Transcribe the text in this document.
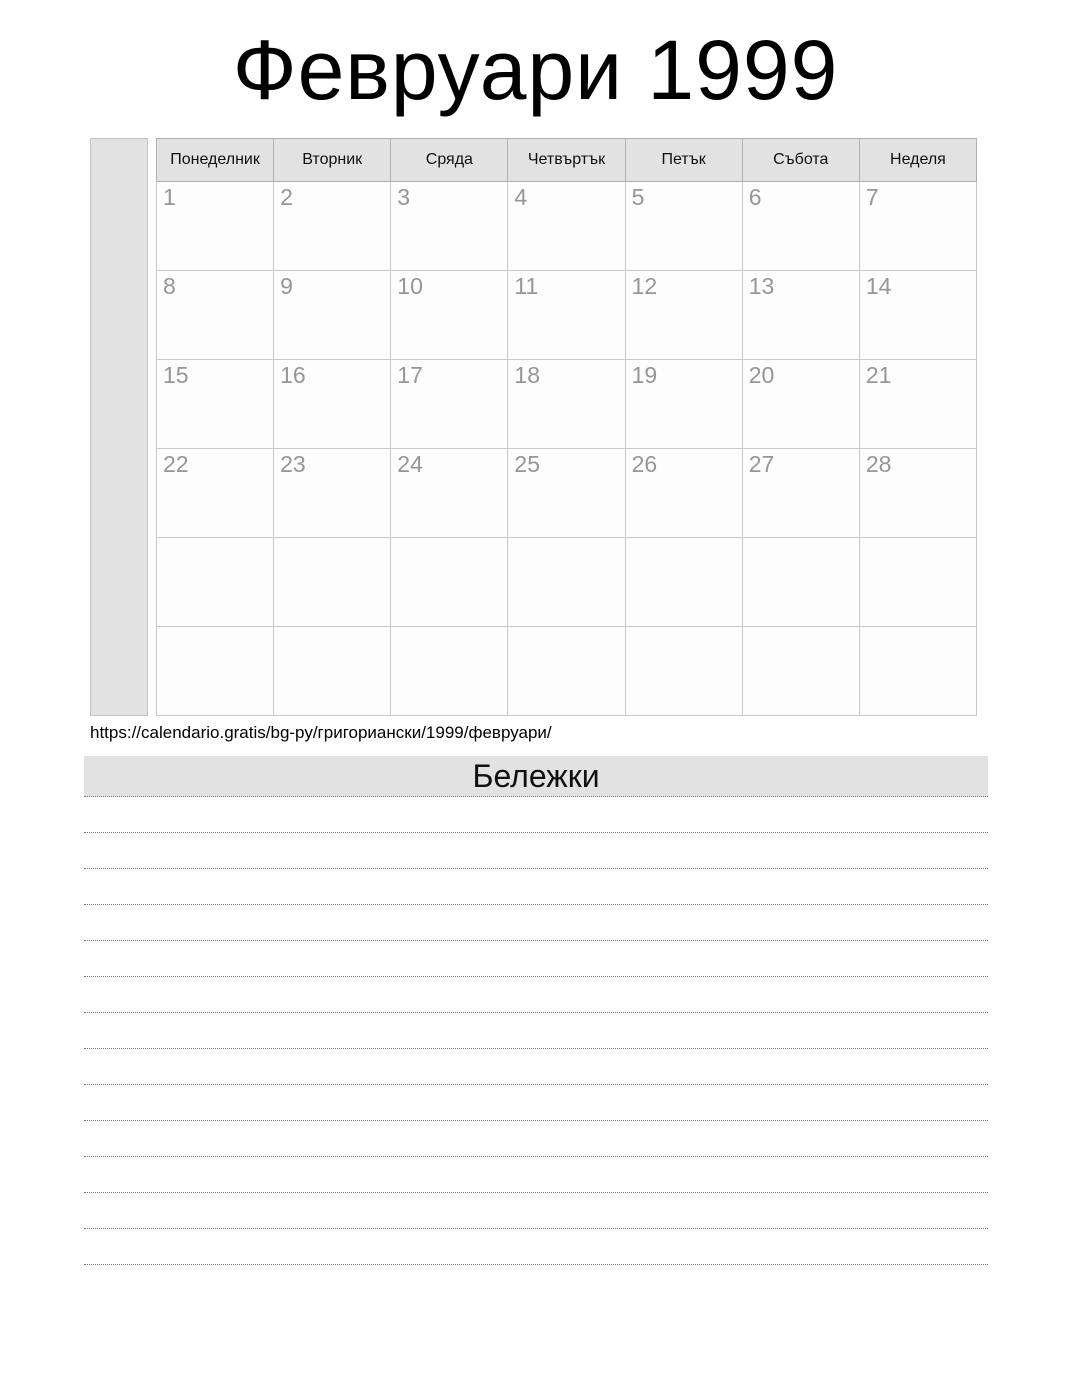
Февруари 1999
Понеделник	Вторник	Сряда	Четвъртък	Петък	Събота	Неделя
1	2	3	4	5	6	7
8	9	10	11	12	13	14
15	16	17	18	19	20	21
22	23	24	25	26	27	28

https://calendario.gratis/bg-ру/григориански/1999/февруари/
Бележки
